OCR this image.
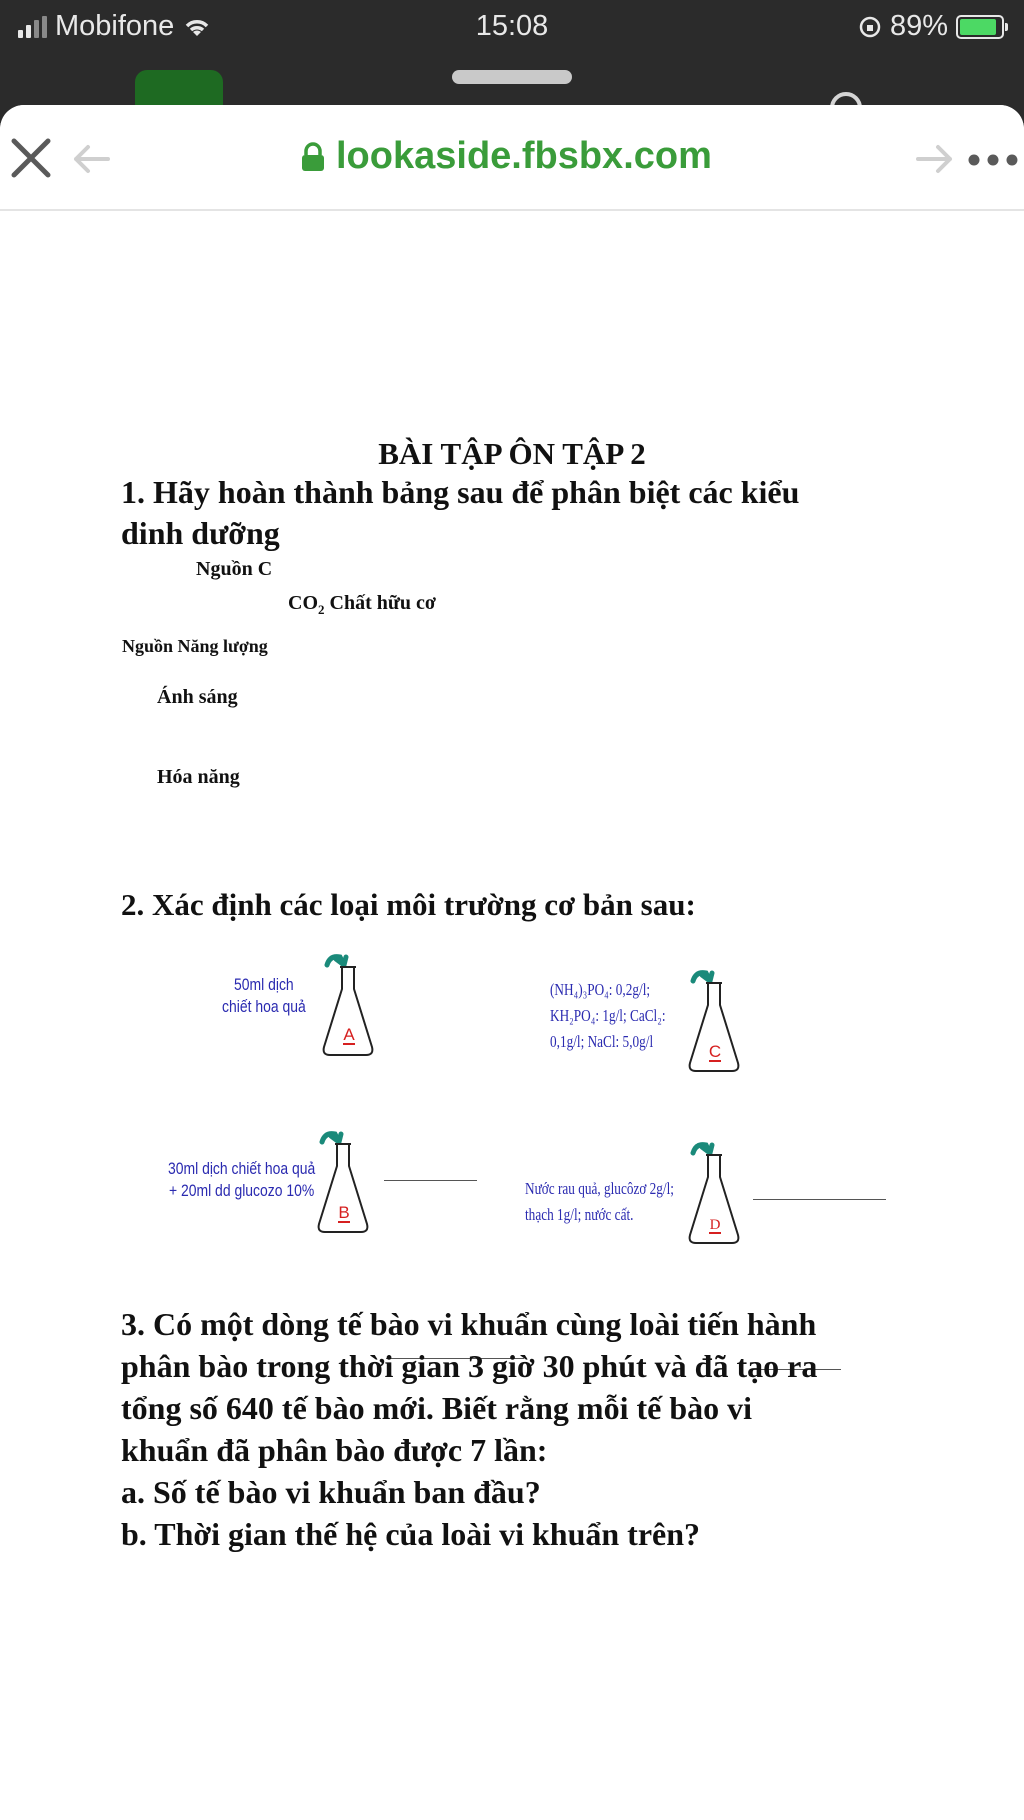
Mobifone	15:08	89%
lookaside.fbsbx.com
BÀI TẬP ÔN TẬP 2
1. Hãy hoàn thành bảng sau để phân biệt các kiểu
dinh dưỡng
Nguồn C
$CO_2$ Chất hữu cơ
Nguồn Năng lượng
Ánh sáng
Hóa năng
2. Xác định các loại môi trường cơ bản sau:
50ml dịch
chiết hoa quả
A
(NH₄)₃PO₄: 0,2g/l;
KH₂PO₄: 1g/l; CaCl₂:
0,1g/l; NaCl: 5,0g/l
C
30ml dịch chiết hoa quả
+ 20ml dd glucozo 10%
B
Nước rau quả, glucôzơ 2g/l;
thạch 1g/l; nước cất.
D
3. Có một dòng tế bào vi khuẩn cùng loài tiến hành
phân bào trong thời gian 3 giờ 30 phút và đã tạo ra
tổng số 640 tế bào mới. Biết rằng mỗi tế bào vi
khuẩn đã phân bào được 7 lần:
a. Số tế bào vi khuẩn ban đầu?
b. Thời gian thế hệ của loài vi khuẩn trên?
